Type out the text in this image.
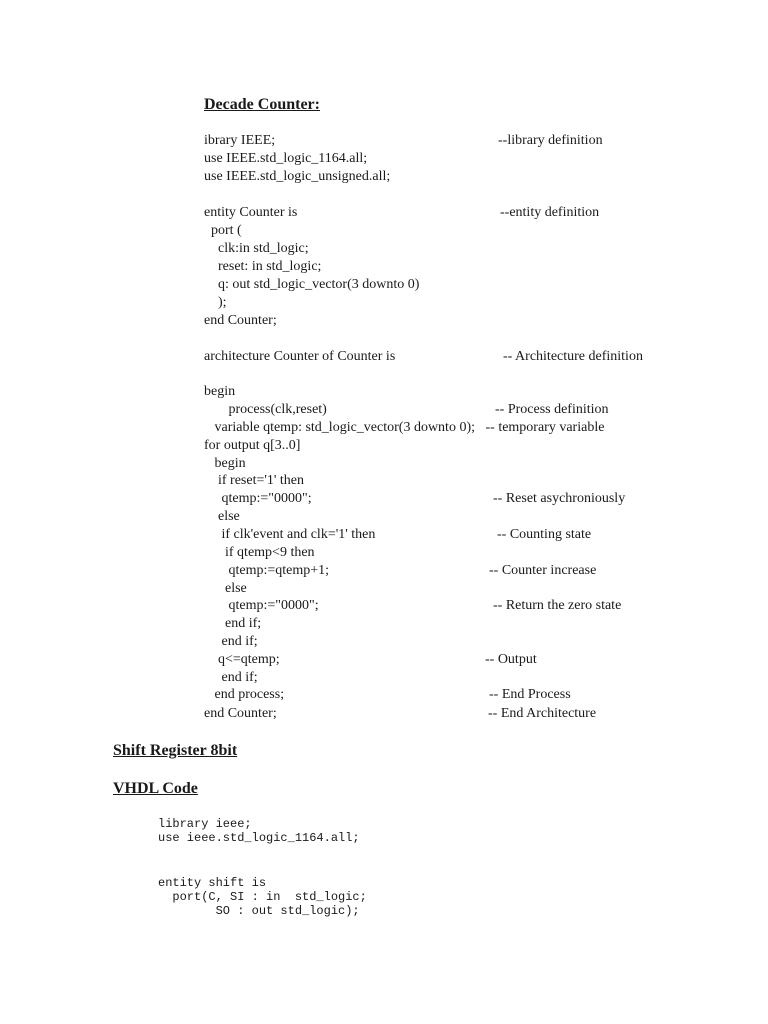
Decade Counter:
ibrary IEEE;	--library definition
use IEEE.std_logic_1164.all;
use IEEE.std_logic_unsigned.all;
entity Counter is	--entity definition
port (
clk:in std_logic;
reset: in std_logic;
q: out std_logic_vector(3 downto 0)
);
end Counter;
architecture Counter of Counter is	-- Architecture definition
begin
process(clk,reset)	-- Process definition
variable qtemp: std_logic_vector(3 downto 0);   -- temporary variable
for output q[3..0]
begin
if reset='1' then
qtemp:="0000";	-- Reset asychroniously
else
if clk'event and clk='1' then	-- Counting state
if qtemp<9 then
qtemp:=qtemp+1;	-- Counter increase
else
qtemp:="0000";	-- Return the zero state
end if;
end if;
q<=qtemp;	-- Output
end if;
end process;	-- End Process
end Counter;	-- End Architecture
Shift Register 8bit
VHDL Code
library ieee;
use ieee.std_logic_1164.all;
entity shift is
port(C, SI : in  std_logic;
SO : out std_logic);
